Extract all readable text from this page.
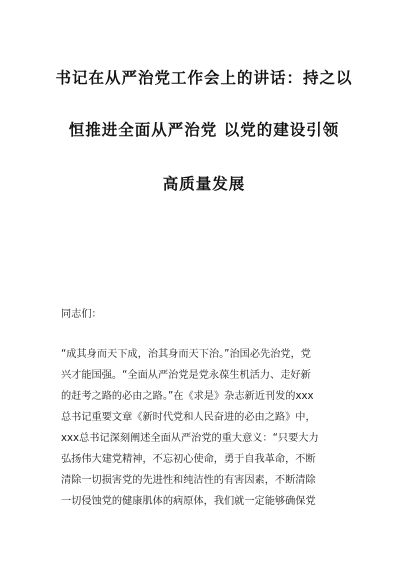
书记在从严治党工作会上的讲话：持之以
恒推进全面从严治党 以党的建设引领
高质量发展
同志们：
“成其身而天下成，治其身而天下治。”治国必先治党，党
兴才能国强。“全面从严治党是党永葆生机活力、走好新
的赶考之路的必由之路。”在《求是》杂志新近刊发的xxx
总书记重要文章《新时代党和人民奋进的必由之路》中，
xxx总书记深刻阐述全面从严治党的重大意义：“只要大力
弘扬伟大建党精神，不忘初心使命，勇于自我革命，不断
清除一切损害党的先进性和纯洁性的有害因素，不断清除
一切侵蚀党的健康肌体的病原体，我们就一定能够确保党
